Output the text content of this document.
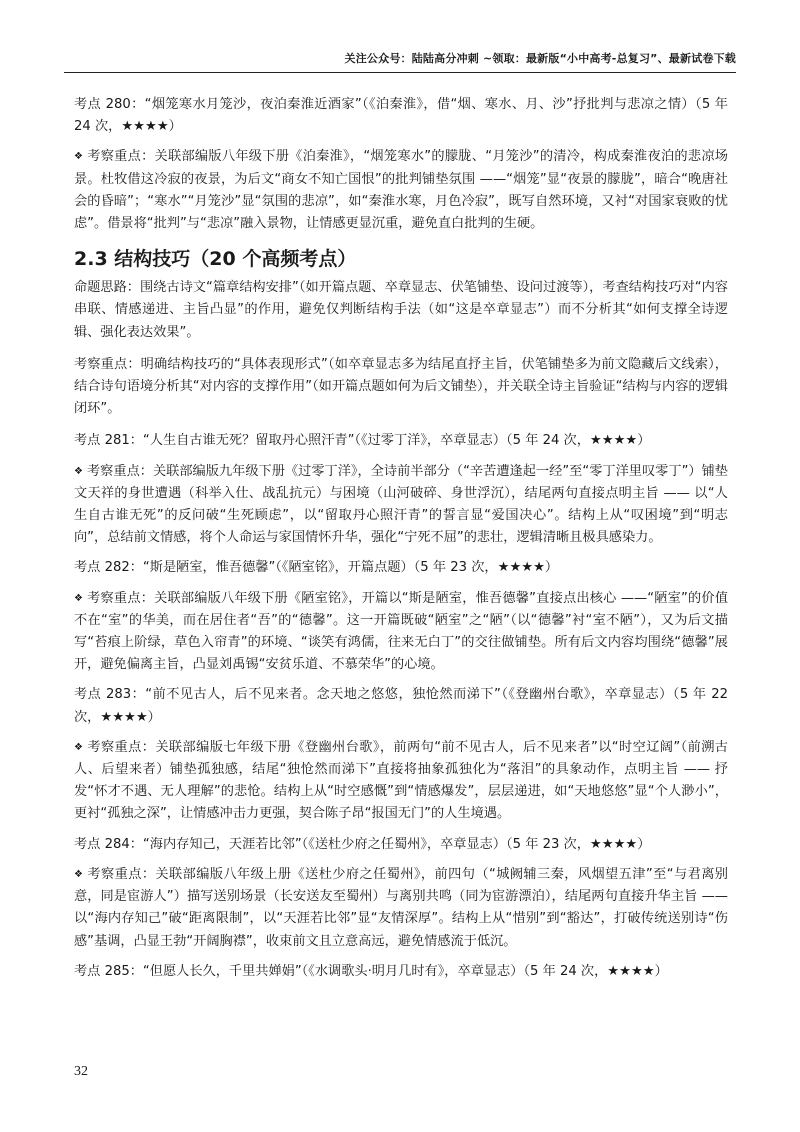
关注公众号：陆陆高分冲刺 ~领取：最新版“小中高考-总复习”、最新试卷下载
考点 280：“烟笼寒水月笼沙，夜泊秦淮近酒家”（《泊秦淮》，借“烟、寒水、月、沙”抒批判与悲凉之情）（5 年 24 次，★★★★）
❖ 考察重点：关联部编版八年级下册《泊秦淮》，“烟笼寒水”的朦胧、“月笼沙”的清冷，构成秦淮夜泊的悲凉场景。杜牧借这冷寂的夜景，为后文“商女不知亡国恨”的批判铺垫氛围 ——“烟笼”显“夜景的朦胧”，暗合“晚唐社会的昏暗”；“寒水”“月笼沙”显“氛围的悲凉”，如“秦淮水寒，月色冷寂”，既写自然环境，又衬“对国家衰败的忧虑”。借景将“批判”与“悲凉”融入景物，让情感更显沉重，避免直白批判的生硬。
2.3 结构技巧（20 个高频考点）
命题思路：围绕古诗文“篇章结构安排”（如开篇点题、卒章显志、伏笔铺垫、设问过渡等），考查结构技巧对“内容串联、情感递进、主旨凸显”的作用，避免仅判断结构手法（如“这是卒章显志”）而不分析其“如何支撑全诗逻辑、强化表达效果”。
考察重点：明确结构技巧的“具体表现形式”（如卒章显志多为结尾直抒主旨，伏笔铺垫多为前文隐藏后文线索），结合诗句语境分析其“对内容的支撑作用”（如开篇点题如何为后文铺垫），并关联全诗主旨验证“结构与内容的逻辑闭环”。
考点 281：“人生自古谁无死？留取丹心照汗青”（《过零丁洋》，卒章显志）（5 年 24 次，★★★★）
❖ 考察重点：关联部编版九年级下册《过零丁洋》，全诗前半部分（“辛苦遭逢起一经”至“零丁洋里叹零丁”）铺垫文天祥的身世遭遇（科举入仕、战乱抗元）与困境（山河破碎、身世浮沉），结尾两句直接点明主旨 —— 以“人生自古谁无死”的反问破“生死顾虑”，以“留取丹心照汗青”的誓言显“爱国决心”。结构上从“叹困境”到“明志向”，总结前文情感，将个人命运与家国情怀升华，强化“宁死不屈”的悲壮，逻辑清晰且极具感染力。
考点 282：“斯是陋室，惟吾德馨”（《陋室铭》，开篇点题）（5 年 23 次，★★★★）
❖ 考察重点：关联部编版八年级下册《陋室铭》，开篇以“斯是陋室，惟吾德馨”直接点出核心 ——“陋室”的价值不在“室”的华美，而在居住者“吾”的“德馨”。这一开篇既破“陋室”之“陋”（以“德馨”衬“室不陋”），又为后文描写“苔痕上阶绿，草色入帘青”的环境、“谈笑有鸿儒，往来无白丁”的交往做铺垫。所有后文内容均围绕“德馨”展开，避免偏离主旨，凸显刘禹锡“安贫乐道、不慕荣华”的心境。
考点 283：“前不见古人，后不见来者。念天地之悠悠，独怆然而涕下”（《登幽州台歌》，卒章显志）（5 年 22 次，★★★★）
❖ 考察重点：关联部编版七年级下册《登幽州台歌》，前两句“前不见古人，后不见来者”以“时空辽阔”（前溯古人、后望来者）铺垫孤独感，结尾“独怆然而涕下”直接将抽象孤独化为“落泪”的具象动作，点明主旨 —— 抒发“怀才不遇、无人理解”的悲怆。结构上从“时空感慨”到“情感爆发”，层层递进，如“天地悠悠”显“个人渺小”，更衬“孤独之深”，让情感冲击力更强，契合陈子昂“报国无门”的人生境遇。
考点 284：“海内存知己，天涯若比邻”（《送杜少府之任蜀州》，卒章显志）（5 年 23 次，★★★★）
❖ 考察重点：关联部编版八年级上册《送杜少府之任蜀州》，前四句（“城阙辅三秦，风烟望五津”至“与君离别意，同是宦游人”）描写送别场景（长安送友至蜀州）与离别共鸣（同为宦游漂泊），结尾两句直接升华主旨 —— 以“海内存知己”破“距离限制”，以“天涯若比邻”显“友情深厚”。结构上从“惜别”到“豁达”，打破传统送别诗“伤感”基调，凸显王勃“开阔胸襟”，收束前文且立意高远，避免情感流于低沉。
考点 285：“但愿人长久，千里共婵娟”（《水调歌头·明月几时有》，卒章显志）（5 年 24 次，★★★★）
32
